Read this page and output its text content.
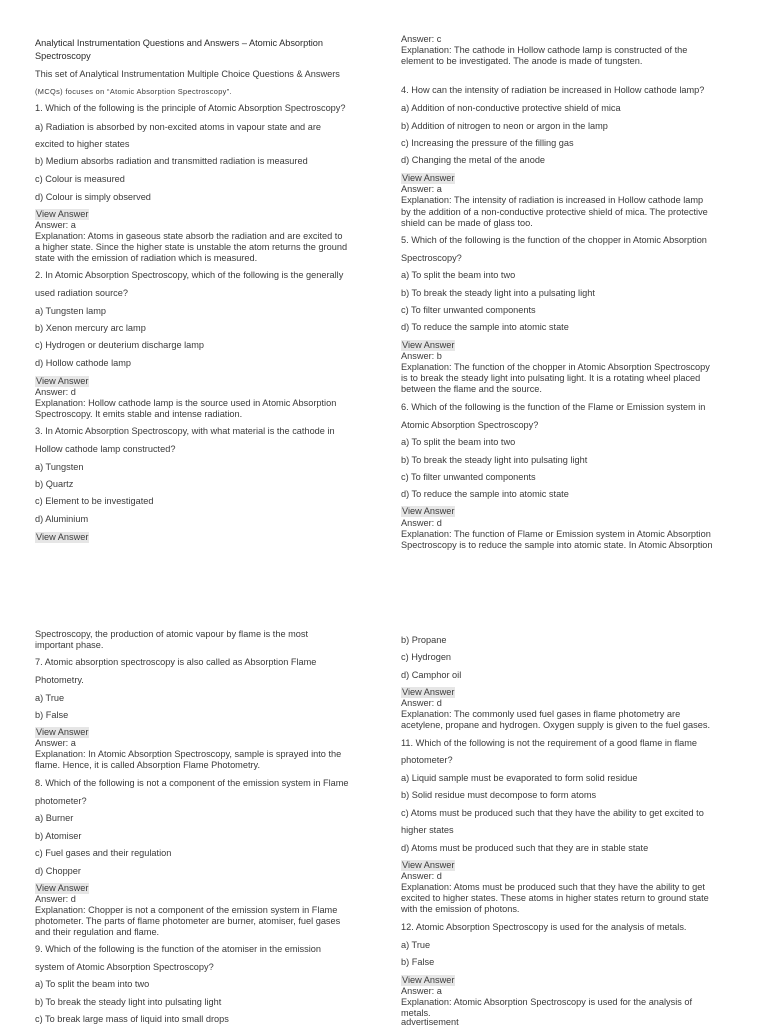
Analytical Instrumentation Questions and Answers – Atomic Absorption
Spectroscopy
This set of Analytical Instrumentation Multiple Choice Questions & Answers
(MCQs) focuses on “Atomic Absorption Spectroscopy”.
1. Which of the following is the principle of Atomic Absorption Spectroscopy?
a) Radiation is absorbed by non-excited atoms in vapour state and are
excited to higher states
b) Medium absorbs radiation and transmitted radiation is measured
c) Colour is measured
d) Colour is simply observed
View Answer
Answer: a
Explanation: Atoms in gaseous state absorb the radiation and are excited to
a higher state. Since the higher state is unstable the atom returns the ground
state with the emission of radiation which is measured.
2. In Atomic Absorption Spectroscopy, which of the following is the generally
used radiation source?
a) Tungsten lamp
b) Xenon mercury arc lamp
c) Hydrogen or deuterium discharge lamp
d) Hollow cathode lamp
View Answer
Answer: d
Explanation: Hollow cathode lamp is the source used in Atomic Absorption
Spectroscopy. It emits stable and intense radiation.
3. In Atomic Absorption Spectroscopy, with what material is the cathode in
Hollow cathode lamp constructed?
a) Tungsten
b) Quartz
c) Element to be investigated
d) Aluminium
View Answer
Answer: c
Explanation: The cathode in Hollow cathode lamp is constructed of the
element to be investigated. The anode is made of tungsten.
4. How can the intensity of radiation be increased in Hollow cathode lamp?
a) Addition of non-conductive protective shield of mica
b) Addition of nitrogen to neon or argon in the lamp
c) Increasing the pressure of the filling gas
d) Changing the metal of the anode
View Answer
Answer: a
Explanation: The intensity of radiation is increased in Hollow cathode lamp
by the addition of a non-conductive protective shield of mica. The protective
shield can be made of glass too.
5. Which of the following is the function of the chopper in Atomic Absorption
Spectroscopy?
a) To split the beam into two
b) To break the steady light into a pulsating light
c) To filter unwanted components
d) To reduce the sample into atomic state
View Answer
Answer: b
Explanation: The function of the chopper in Atomic Absorption Spectroscopy
is to break the steady light into pulsating light. It is a rotating wheel placed
between the flame and the source.
6. Which of the following is the function of the Flame or Emission system in
Atomic Absorption Spectroscopy?
a) To split the beam into two
b) To break the steady light into pulsating light
c) To filter unwanted components
d) To reduce the sample into atomic state
View Answer
Answer: d
Explanation: The function of Flame or Emission system in Atomic Absorption
Spectroscopy is to reduce the sample into atomic state. In Atomic Absorption
Spectroscopy, the production of atomic vapour by flame is the most
important phase.
7. Atomic absorption spectroscopy is also called as Absorption Flame
Photometry.
a) True
b) False
View Answer
Answer: a
Explanation: In Atomic Absorption Spectroscopy, sample is sprayed into the
flame. Hence, it is called Absorption Flame Photometry.
8. Which of the following is not a component of the emission system in Flame
photometer?
a) Burner
b) Atomiser
c) Fuel gases and their regulation
d) Chopper
View Answer
Answer: d
Explanation: Chopper is not a component of the emission system in Flame
photometer. The parts of flame photometer are burner, atomiser, fuel gases
and their regulation and flame.
9. Which of the following is the function of the atomiser in the emission
system of Atomic Absorption Spectroscopy?
a) To split the beam into two
b) To break the steady light into pulsating light
c) To break large mass of liquid into small drops
b) Propane
c) Hydrogen
d) Camphor oil
View Answer
Answer: d
Explanation: The commonly used fuel gases in flame photometry are
acetylene, propane and hydrogen. Oxygen supply is given to the fuel gases.
11. Which of the following is not the requirement of a good flame in flame
photometer?
a) Liquid sample must be evaporated to form solid residue
b) Solid residue must decompose to form atoms
c) Atoms must be produced such that they have the ability to get excited to
higher states
d) Atoms must be produced such that they are in stable state
View Answer
Answer: d
Explanation: Atoms must be produced such that they have the ability to get
excited to higher states. These atoms in higher states return to ground state
with the emission of photons.
12. Atomic Absorption Spectroscopy is used for the analysis of metals.
a) True
b) False
View Answer
Answer: a
Explanation: Atomic Absorption Spectroscopy is used for the analysis of
metals.
advertisement
